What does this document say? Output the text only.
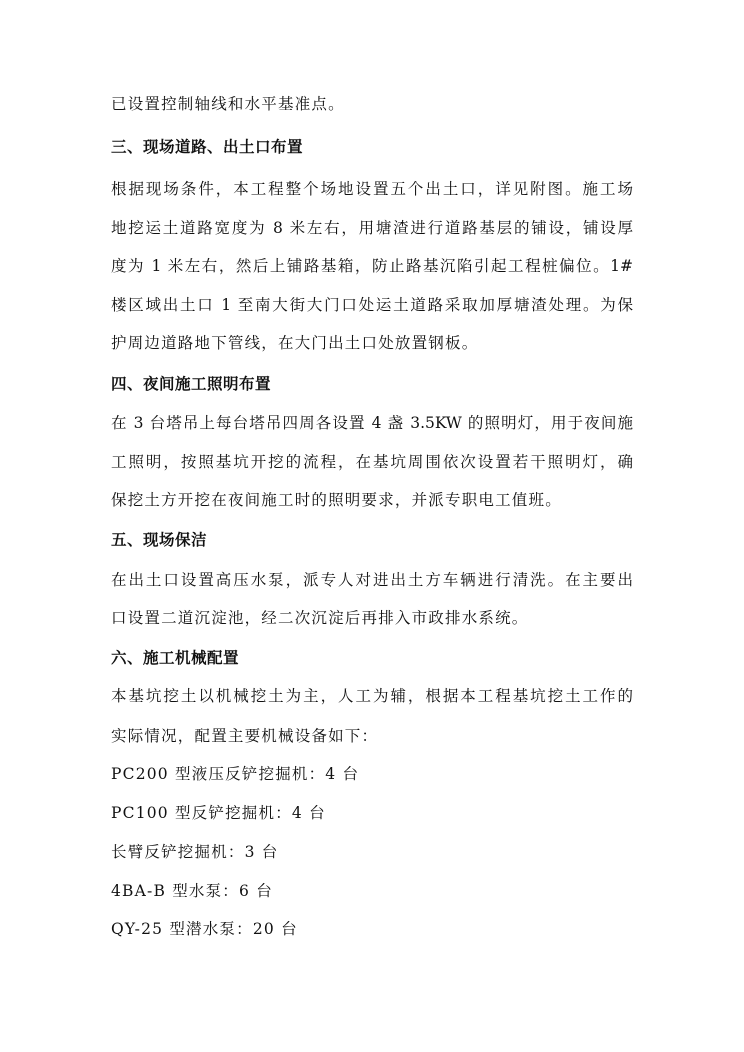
已设置控制轴线和水平基准点。
三、现场道路、出土口布置
根据现场条件，本工程整个场地设置五个出土口，详见附图。施工场
地挖运土道路宽度为 8 米左右，用塘渣进行道路基层的铺设，铺设厚
度为 1 米左右，然后上铺路基箱，防止路基沉陷引起工程桩偏位。1#
楼区域出土口 1 至南大街大门口处运土道路采取加厚塘渣处理。为保
护周边道路地下管线，在大门出土口处放置钢板。
四、夜间施工照明布置
在 3 台塔吊上每台塔吊四周各设置 4 盏 3.5KW 的照明灯，用于夜间施
工照明，按照基坑开挖的流程，在基坑周围依次设置若干照明灯，确
保挖土方开挖在夜间施工时的照明要求，并派专职电工值班。
五、现场保洁
在出土口设置高压水泵，派专人对进出土方车辆进行清洗。在主要出
口设置二道沉淀池，经二次沉淀后再排入市政排水系统。
六、施工机械配置
本基坑挖土以机械挖土为主，人工为辅，根据本工程基坑挖土工作的
实际情况，配置主要机械设备如下：
PC200 型液压反铲挖掘机：4 台
PC100 型反铲挖掘机：4 台
长臂反铲挖掘机：3 台
4BA-B 型水泵：6 台
QY-25 型潜水泵：20 台
